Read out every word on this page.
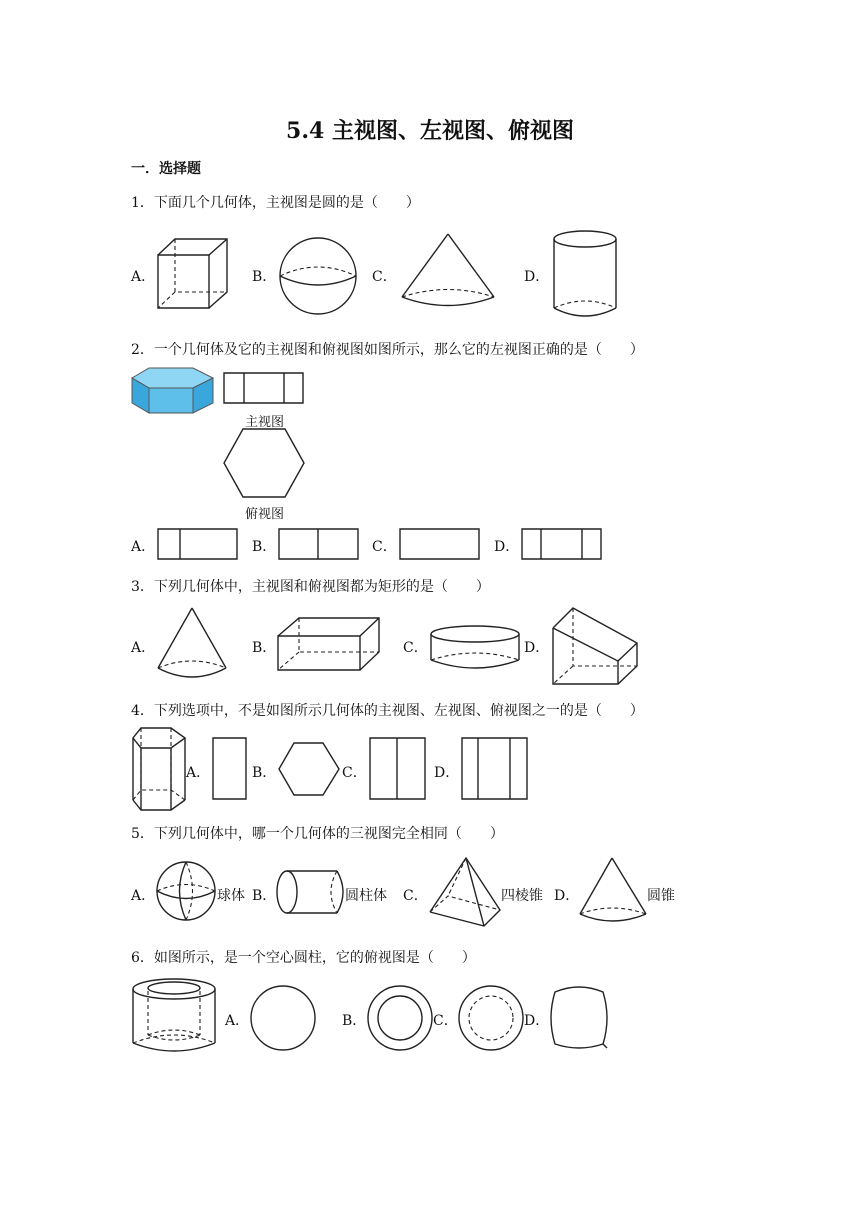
5.4 主视图、左视图、俯视图
一．选择题
1．下面几个几何体，主视图是圆的是（　　）
A．	B．	C．	D．
2．一个几何体及它的主视图和俯视图如图所示，那么它的左视图正确的是（　　）
主视图
俯视图
A．	B．	C．	D．
3．下列几何体中，主视图和俯视图都为矩形的是（　　）
A．	B．	C．	D．
4．下列选项中，不是如图所示几何体的主视图、左视图、俯视图之一的是（　　）
A．	B．	C．	D．
5．下列几何体中，哪一个几何体的三视图完全相同（　　）
A．	球体 B．	圆柱体 C．	四棱锥 D．	圆锥
6．如图所示，是一个空心圆柱，它的俯视图是（　　）
A．	B．	C．	D．
